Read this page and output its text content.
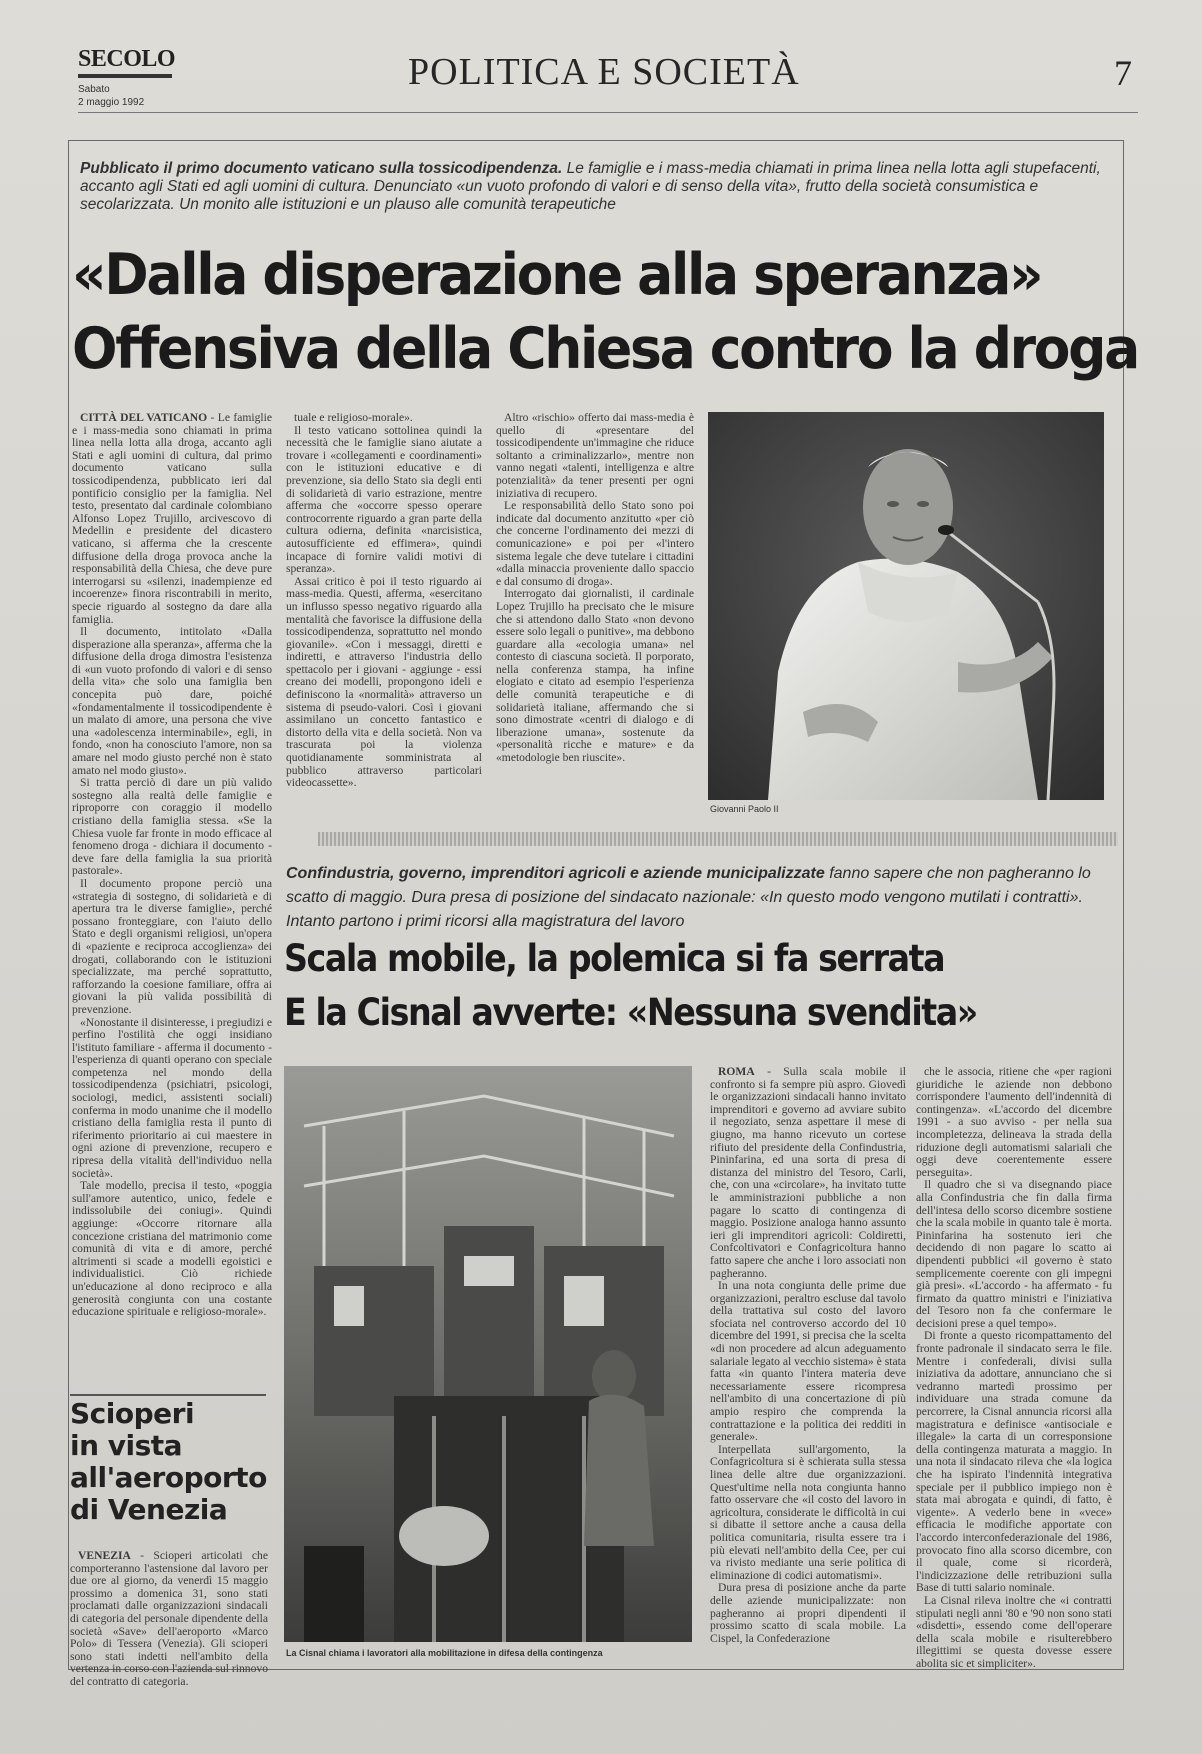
SECOLO
Sabato
2 maggio 1992
POLITICA E SOCIETÀ	7
Pubblicato il primo documento vaticano sulla tossicodipendenza. Le famiglie e i mass-media chiamati in prima linea nella lotta agli stupefacenti, accanto agli Stati ed agli uomini di cultura. Denunciato «un vuoto profondo di valori e di senso della vita», frutto della società consumistica e secolarizzata. Un monito alle istituzioni e un plauso alle comunità terapeutiche
«Dalla disperazione alla speranza»
Offensiva della Chiesa contro la droga

CITTÀ DEL VATICANO - Le famiglie e i mass-media sono chiamati in prima linea nella lotta alla droga, accanto agli Stati e agli uomini di cultura, dal primo documento vaticano sulla tossicodipendenza, pubblicato ieri dal pontificio consiglio per la famiglia. Nel testo, presentato dal cardinale colombiano Alfonso Lopez Trujillo, arcivescovo di Medellin e presidente del dicastero vaticano, si afferma che la crescente diffusione della droga provoca anche la responsabilità della Chiesa, che deve pure interrogarsi su «silenzi, inadempienze ed incoerenze» finora riscontrabili in merito, specie riguardo al sostegno da dare alla famiglia.

Il documento, intitolato «Dalla disperazione alla speranza», afferma che la diffusione della droga dimostra l'esistenza di «un vuoto profondo di valori e di senso della vita» che solo una famiglia ben concepita può dare, poiché «fondamentalmente il tossicodipendente è un malato di amore, una persona che vive una «adolescenza interminabile», egli, in fondo, «non ha conosciuto l'amore, non sa amare nel modo giusto perché non è stato amato nel modo giusto».

Si tratta perciò di dare un più valido sostegno alla realtà delle famiglie e riproporre con coraggio il modello cristiano della famiglia stessa. «Se la Chiesa vuole far fronte in modo efficace al fenomeno droga - dichiara il documento - deve fare della famiglia la sua priorità pastorale».

Il documento propone perciò una «strategia di sostegno, di solidarietà e di apertura tra le diverse famiglie», perché possano fronteggiare, con l'aiuto dello Stato e degli organismi religiosi, un'opera di «paziente e reciproca accoglienza» dei drogati, collaborando con le istituzioni specializzate, ma perché soprattutto, rafforzando la coesione familiare, offra ai giovani la più valida possibilità di prevenzione.

«Nonostante il disinteresse, i pregiudizi e perfino l'ostilità che oggi insidiano l'istituto familiare - afferma il documento - l'esperienza di quanti operano con speciale competenza nel mondo della tossicodipendenza (psichiatri, psicologi, sociologi, medici, assistenti sociali) conferma in modo unanime che il modello cristiano della famiglia resta il punto di riferimento prioritario ai cui maestere in ogni azione di prevenzione, recupero e ripresa della vitalità dell'individuo nella società».

Tale modello, precisa il testo, «poggia sull'amore autentico, unico, fedele e indissolubile dei coniugi». Quindi aggiunge: «Occorre ritornare alla concezione cristiana del matrimonio come comunità di vita e di amore, perché altrimenti si scade a modelli egoistici e individualistici. Ciò richiede un'educazione al dono reciproco e alla generosità congiunta con una costante educazione spirituale e religioso-morale».

tuale e religioso-morale».

Il testo vaticano sottolinea quindi la necessità che le famiglie siano aiutate a trovare i «collegamenti e coordinamenti» con le istituzioni educative e di prevenzione, sia dello Stato sia degli enti di solidarietà di vario estrazione, mentre afferma che «occorre spesso operare controcorrente riguardo a gran parte della cultura odierna, definita «narcisistica, autosufficiente ed effimera», quindi incapace di fornire validi motivi di speranza».

Assai critico è poi il testo riguardo ai mass-media. Questi, afferma, «esercitano un influsso spesso negativo riguardo alla mentalità che favorisce la diffusione della tossicodipendenza, soprattutto nel mondo giovanile». «Con i messaggi, diretti e indiretti, e attraverso l'industria dello spettacolo per i giovani - aggiunge - essi creano dei modelli, propongono ideli e definiscono la «normalità» attraverso un sistema di pseudo-valori. Così i giovani assimilano un concetto fantastico e distorto della vita e della società. Non va trascurata poi la violenza quotidianamente somministrata al pubblico attraverso particolari videocassette».

Altro «rischio» offerto dai mass-media è quello di «presentare del tossicodipendente un'immagine che riduce soltanto a criminalizzarlo», mentre non vanno negati «talenti, intelligenza e altre potenzialità» da tener presenti per ogni iniziativa di recupero.

Le responsabilità dello Stato sono poi indicate dal documento anzitutto «per ciò che concerne l'ordinamento dei mezzi di comunicazione» e poi per «l'intero sistema legale che deve tutelare i cittadini «dalla minaccia proveniente dallo spaccio e dal consumo di droga».

Interrogato dai giornalisti, il cardinale Lopez Trujillo ha precisato che le misure che si attendono dallo Stato «non devono essere solo legali o punitive», ma debbono guardare alla «ecologia umana» nel contesto di ciascuna società. Il porporato, nella conferenza stampa, ha infine elogiato e citato ad esempio l'esperienza delle comunità terapeutiche e di solidarietà italiane, affermando che si sono dimostrate «centri di dialogo e di liberazione umana», sostenute da «personalità ricche e mature» e da «metodologie ben riuscite».

Giovanni Paolo II
Confindustria, governo, imprenditori agricoli e aziende municipalizzate fanno sapere che non pagheranno lo scatto di maggio. Dura presa di posizione del sindacato nazionale: «In questo modo vengono mutilati i contratti». Intanto partono i primi ricorsi alla magistratura del lavoro
Scala mobile, la polemica si fa serrata
E la Cisnal avverte: «Nessuna svendita»
La Cisnal chiama i lavoratori alla mobilitazione in difesa della contingenza

ROMA - Sulla scala mobile il confronto si fa sempre più aspro. Giovedì le organizzazioni sindacali hanno invitato imprenditori e governo ad avviare subito il negoziato, senza aspettare il mese di giugno, ma hanno ricevuto un cortese rifiuto del presidente della Confindustria, Pininfarina, ed una sorta di presa di distanza del ministro del Tesoro, Carli, che, con una «circolare», ha invitato tutte le amministrazioni pubbliche a non pagare lo scatto di contingenza di maggio. Posizione analoga hanno assunto ieri gli imprenditori agricoli: Coldiretti, Confcoltivatori e Confagricoltura hanno fatto sapere che anche i loro associati non pagheranno.

In una nota congiunta delle prime due organizzazioni, peraltro escluse dal tavolo della trattativa sul costo del lavoro sfociata nel controverso accordo del 10 dicembre del 1991, si precisa che la scelta «di non procedere ad alcun adeguamento salariale legato al vecchio sistema» è stata fatta «in quanto l'intera materia deve necessariamente essere ricompresa nell'ambito di una concertazione di più ampio respiro che comprenda la contrattazione e la politica dei redditi in generale».

Interpellata sull'argomento, la Confagricoltura si è schierata sulla stessa linea delle altre due organizzazioni. Quest'ultime nella nota congiunta hanno fatto osservare che «il costo del lavoro in agricoltura, considerate le difficoltà in cui si dibatte il settore anche a causa della politica comunitaria, risulta essere tra i più elevati nell'ambito della Cee, per cui va rivisto mediante una serie politica di eliminazione di codici automatismi».

Dura presa di posizione anche da parte delle aziende municipalizzate: non pagheranno ai propri dipendenti il prossimo scatto di scala mobile. La Cispel, la Confederazione

che le associa, ritiene che «per ragioni giuridiche le aziende non debbono corrispondere l'aumento dell'indennità di contingenza». «L'accordo del dicembre 1991 - a suo avviso - per nella sua incompletezza, delineava la strada della riduzione degli automatismi salariali che oggi deve coerentemente essere perseguita».

Il quadro che si va disegnando piace alla Confindustria che fin dalla firma dell'intesa dello scorso dicembre sostiene che la scala mobile in quanto tale è morta. Pininfarina ha sostenuto ieri che decidendo di non pagare lo scatto ai dipendenti pubblici «il governo è stato semplicemente coerente con gli impegni già presi». «L'accordo - ha affermato - fu firmato da quattro ministri e l'iniziativa del Tesoro non fa che confermare le decisioni prese a quel tempo».

Di fronte a questo ricompattamento del fronte padronale il sindacato serra le file. Mentre i confederali, divisi sulla iniziativa da adottare, annunciano che si vedranno martedì prossimo per individuare una strada comune da percorrere, la Cisnal annuncia ricorsi alla magistratura e definisce «antisociale e illegale» la carta di un corresponsione della contingenza maturata a maggio. In una nota il sindacato rileva che «la logica che ha ispirato l'indennità integrativa speciale per il pubblico impiego non è stata mai abrogata e quindi, di fatto, è vigente». A vederlo bene in «vece» efficacia le modifiche apportate con l'accordo interconfederazionale del 1986, provocato fino alla scorso dicembre, con il quale, come si ricorderà, l'indicizzazione delle retribuzioni sulla Base di tutti salario nominale.

La Cisnal rileva inoltre che «i contratti stipulati negli anni '80 e '90 non sono stati «disdetti», essendo come dell'operare della scala mobile e risulterebbero illegittimi se questa dovesse essere abolita sic et simpliciter».

Scioperi
in vista
all'aeroporto
di Venezia

VENEZIA - Scioperi articolati che comporteranno l'astensione dal lavoro per due ore al giorno, da venerdì 15 maggio prossimo a domenica 31, sono stati proclamati dalle organizzazioni sindacali di categoria del personale dipendente della società «Save» dell'aeroporto «Marco Polo» di Tessera (Venezia). Gli scioperi sono stati indetti nell'ambito della vertenza in corso con l'azienda sul rinnovo del contratto di categoria.
